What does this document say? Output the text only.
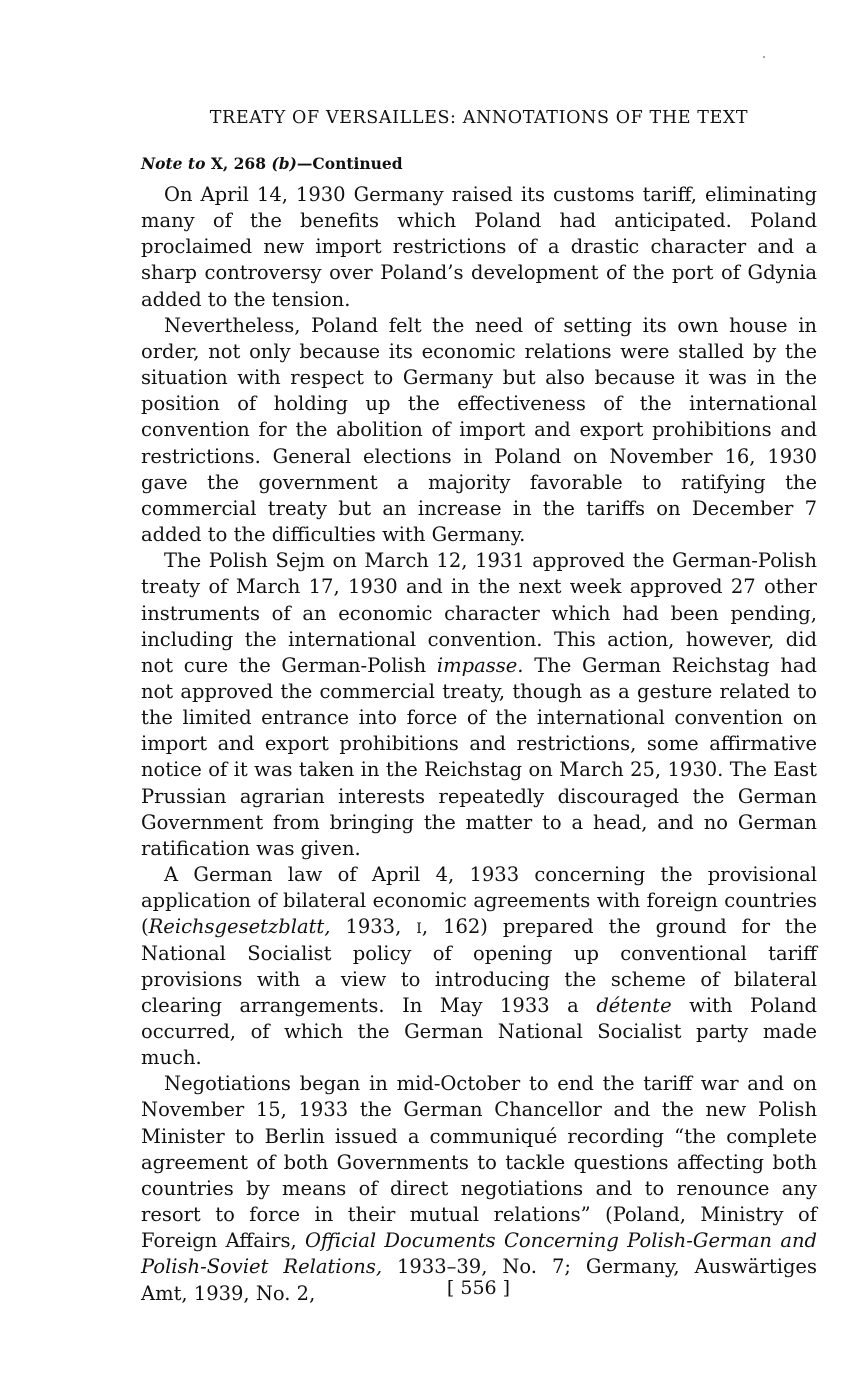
TREATY OF VERSAILLES: ANNOTATIONS OF THE TEXT
Note to X, 268 (b)—Continued

On April 14, 1930 Germany raised its customs tariff, eliminating many of the benefits which Poland had anticipated. Poland proclaimed new import restrictions of a drastic character and a sharp controversy over Poland’s development of the port of Gdynia added to the tension.

Nevertheless, Poland felt the need of setting its own house in order, not only because its economic relations were stalled by the situation with respect to Germany but also because it was in the position of holding up the effectiveness of the international convention for the abolition of import and export prohibitions and restrictions. General elections in Poland on November 16, 1930 gave the government a majority favorable to ratifying the commercial treaty but an increase in the tariffs on December 7 added to the difficulties with Germany.

The Polish Sejm on March 12, 1931 approved the German-Polish treaty of March 17, 1930 and in the next week approved 27 other instruments of an economic character which had been pending, including the international convention. This action, however, did not cure the German-Polish impasse. The German Reichstag had not approved the commercial treaty, though as a gesture related to the limited entrance into force of the international convention on import and export prohibitions and restrictions, some affirmative notice of it was taken in the Reichstag on March 25, 1930. The East Prussian agrarian interests repeatedly discouraged the German Government from bringing the matter to a head, and no German ratification was given.

A German law of April 4, 1933 concerning the provisional application of bilateral economic agreements with foreign countries (Reichsgesetzblatt, 1933, i, 162) prepared the ground for the National Socialist policy of opening up conventional tariff provisions with a view to introducing the scheme of bilateral clearing arrangements. In May 1933 a détente with Poland occurred, of which the German National Socialist party made much.

Negotiations began in mid-October to end the tariff war and on November 15, 1933 the German Chancellor and the new Polish Minister to Berlin issued a communiqué recording “the complete agreement of both Governments to tackle questions affecting both countries by means of direct negotiations and to renounce any resort to force in their mutual relations” (Poland, Ministry of Foreign Affairs, Official Documents Concerning Polish-German and Polish-Soviet Relations, 1933–39, No. 7; Germany, Auswärtiges Amt, 1939, No. 2,	[ 556 ]
